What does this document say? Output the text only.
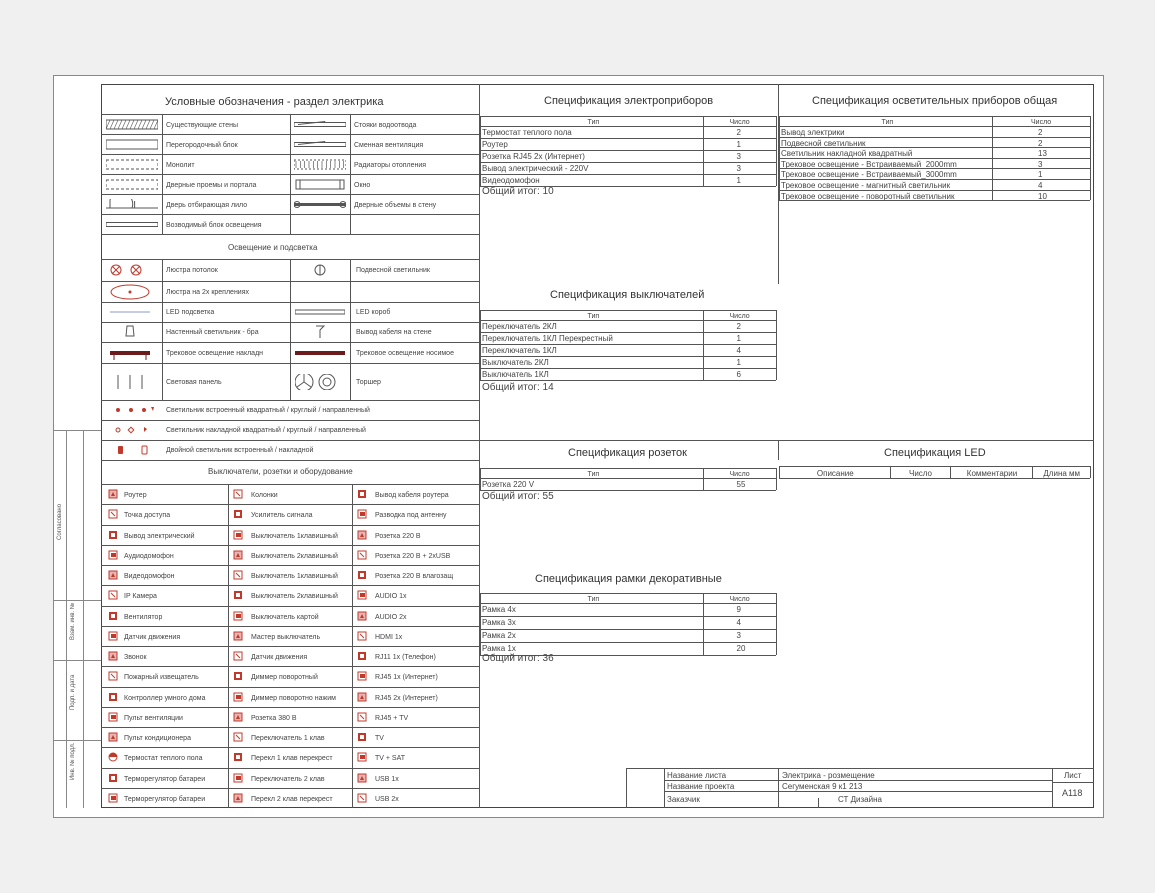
Согласовано
Взам. инв. №
Подп. и дата
Инв. № подл.
Условные обозначения - раздел электрика
Существующие стены	Стояки водоотвода
Перегородочный блок	Сменная вентиляция
Монолит	Радиаторы отопления
Дверные проемы и портала	Окно
Дверь отбирающая лило	Дверные объемы в стену
Возводимый блок освещения
Освещение и подсветка
Люстра потолок	Подвесной светильник
Люстра на 2х креплениях
LED подсветка	LED короб
Настенный светильник - бра	Вывод кабеля на стене
Трековое освещение накладн	Трековое освещение носимое
Световая панель	Торшер
Светильник встроенный квадратный / круглый / направленный
Светильник накладной квадратный / круглый / направленный
Двойной светильник встроенный / накладной
Выключатели, розетки и оборудование
Роутер	Колонки	Вывод кабеля роутера
Точка доступа	Усилитель сигнала	Разводка под антенну
Вывод электрический	Выключатель 1клавишный	Розетка 220 В
Аудиодомофон	Выключатель 2клавишный	Розетка 220 В + 2xUSB
Видеодомофон	Выключатель 1клавишный	Розетка 220 В влагозащ
IP Камера	Выключатель 2клавишный	AUDIO 1x
Вентилятор	Выключатель картой	AUDIO 2x
Датчик движения	Мастер выключатель	HDMI 1x
Звонок	Датчик движения	RJ11 1x (Телефон)
Пожарный извещатель	Диммер поворотный	RJ45 1x (Интернет)
Контроллер умного дома	Диммер поворотно нажим	RJ45 2x (Интернет)
Пульт вентиляции	Розетка 380 В	RJ45 + TV
Пульт кондиционера	Переключатель 1 клав	TV
Термостат теплого пола	Перекл 1 клав перекрест	TV + SAT
Терморегулятор батареи	Переключатель 2 клав	USB 1x
Терморегулятор батареи	Перекл 2 клав перекрест	USB 2x
Спецификация электроприборов
Тип	Число
Термостат теплого пола	2
Роутер	1
Розетка RJ45 2x (Интернет)	3
Вывод электрический - 220V	3
Видеодомофон	1
Общий итог: 10
Спецификация осветительных приборов общая
Тип	Число
Вывод электрики	2
Подвесной светильник	2
Светильник накладной квадратный	13
Трековое освещение - Встраиваемый_2000mm	3
Трековое освещение - Встраиваемый_3000mm	1
Трековое освещение - магнитный светильник	4
Трековое освещение - поворотный светильник	10
Спецификация выключателей
Тип	Число
Переключатель 2КЛ	2
Переключатель 1КЛ Перекрестный	1
Переключатель 1КЛ	4
Выключатель 2КЛ	1
Выключатель 1КЛ	6
Общий итог: 14
Спецификация розеток
Тип	Число
Розетка 220 V	55
Общий итог: 55
Спецификация LED
Описание	Число	Комментарии	Длина мм
Спецификация рамки декоративные
Тип	Число
Рамка 4x	9
Рамка 3x	4
Рамка 2x	3
Рамка 1x	20
Общий итог: 36
Название листа	Электрика - розмещение
Название проекта	Сегуменская 9 к1 213
Заказчик	СТ Дизайна
Лист
A118
